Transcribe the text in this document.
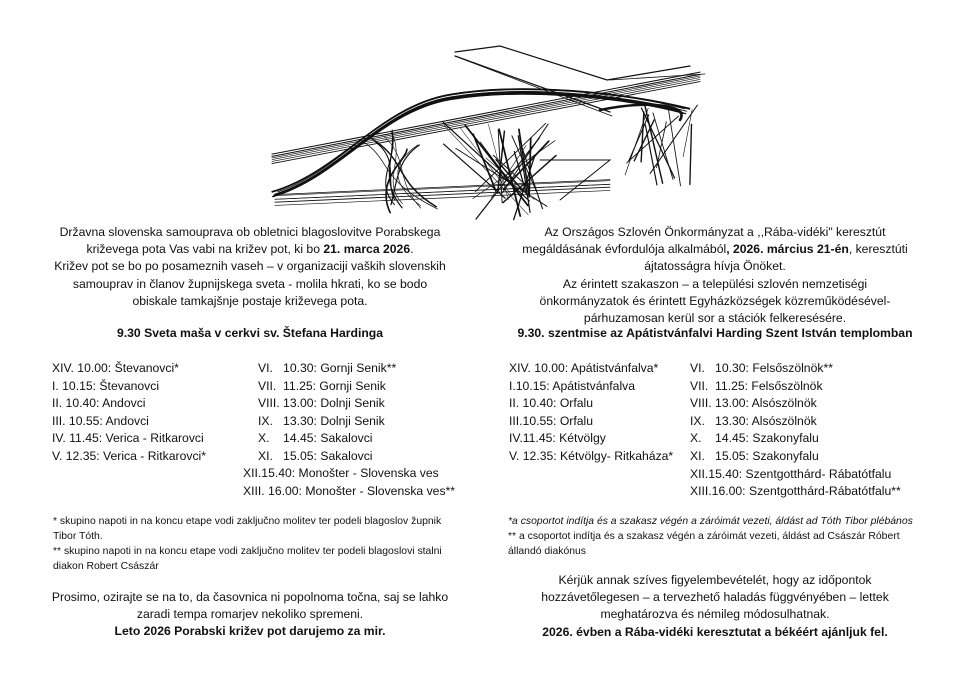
Državna slovenska samouprava ob obletnici blagoslovitve Porabskega
križevega pota Vas vabi na križev pot, ki bo 21. marca 2026.
Križev pot se bo po posameznih vaseh – v organizaciji vaških slovenskih
samouprav in članov župnijskega sveta - molila hkrati, ko se bodo
obiskale tamkajšnje postaje križevega pota.
9.30 Sveta maša v cerkvi sv. Štefana Hardinga
XIV. 10.00: Števanovci*
I. 10.15: Števanovci
II. 10.40: Andovci
III. 10.55: Andovci
IV. 11.45: Verica - Ritkarovci
V. 12.35: Verica - Ritkarovci*
VI.   10.30: Gornji Senik**
VII.  11.25: Gornji Senik
VIII. 13.00: Dolnji Senik
IX.   13.30: Dolnji Senik
X.    14.45: Sakalovci
XI.   15.05: Sakalovci
XII.15.40: Monošter - Slovenska ves
XIII. 16.00: Monošter - Slovenska ves**
* skupino napoti in na koncu etape vodi zaključno molitev ter podeli blagoslov župnik
Tibor Tóth.
** skupino napoti in na koncu etape vodi zaključno molitev ter podeli blagoslovi stalni
diakon Robert Császár
Prosimo, ozirajte se na to, da časovnica ni popolnoma točna, saj se lahko
zaradi tempa romarjev nekoliko spremeni.
Leto 2026 Porabski križev pot darujemo za mir.
Az Országos Szlovén Önkormányzat a ,,Rába-vidéki" keresztút
megáldásának évfordulója alkalmából, 2026. március 21-én, keresztúti
ájtatosságra hívja Önöket.
Az érintett szakaszon – a települési szlovén nemzetiségi
önkormányzatok és érintett Egyházközségek közreműködésével-
párhuzamosan kerül sor a stációk felkeresésére.
9.30. szentmise az Apátistvánfalvi Harding Szent István templomban
XIV. 10.00: Apátistvánfalva*
I.10.15: Apátistvánfalva
II. 10.40: Orfalu
III.10.55: Orfalu
IV.11.45: Kétvölgy
V. 12.35: Kétvölgy- Ritkaháza*
VI.   10.30: Felsőszölnök**
VII.  11.25: Felsőszölnök
VIII. 13.00: Alsószölnök
IX.   13.30: Alsószölnök
X.    14.45: Szakonyfalu
XI.   15.05: Szakonyfalu
XII.15.40: Szentgotthárd- Rábatótfalu
XIII.16.00: Szentgotthárd-Rábatótfalu**
*a csoportot indítja és a szakasz végén a záróimát vezeti, áldást ad Tóth Tibor plébános
** a csoportot indítja és a szakasz végén a záróimát vezeti, áldást ad Császár Róbert
állandó diakónus
Kérjük annak szíves figyelembevételét, hogy az időpontok
hozzávetőlegesen – a tervezhető haladás függvényében – lettek
meghatározva és némileg módosulhatnak.
2026. évben a Rába-vidéki keresztutat a békéért ajánljuk fel.
